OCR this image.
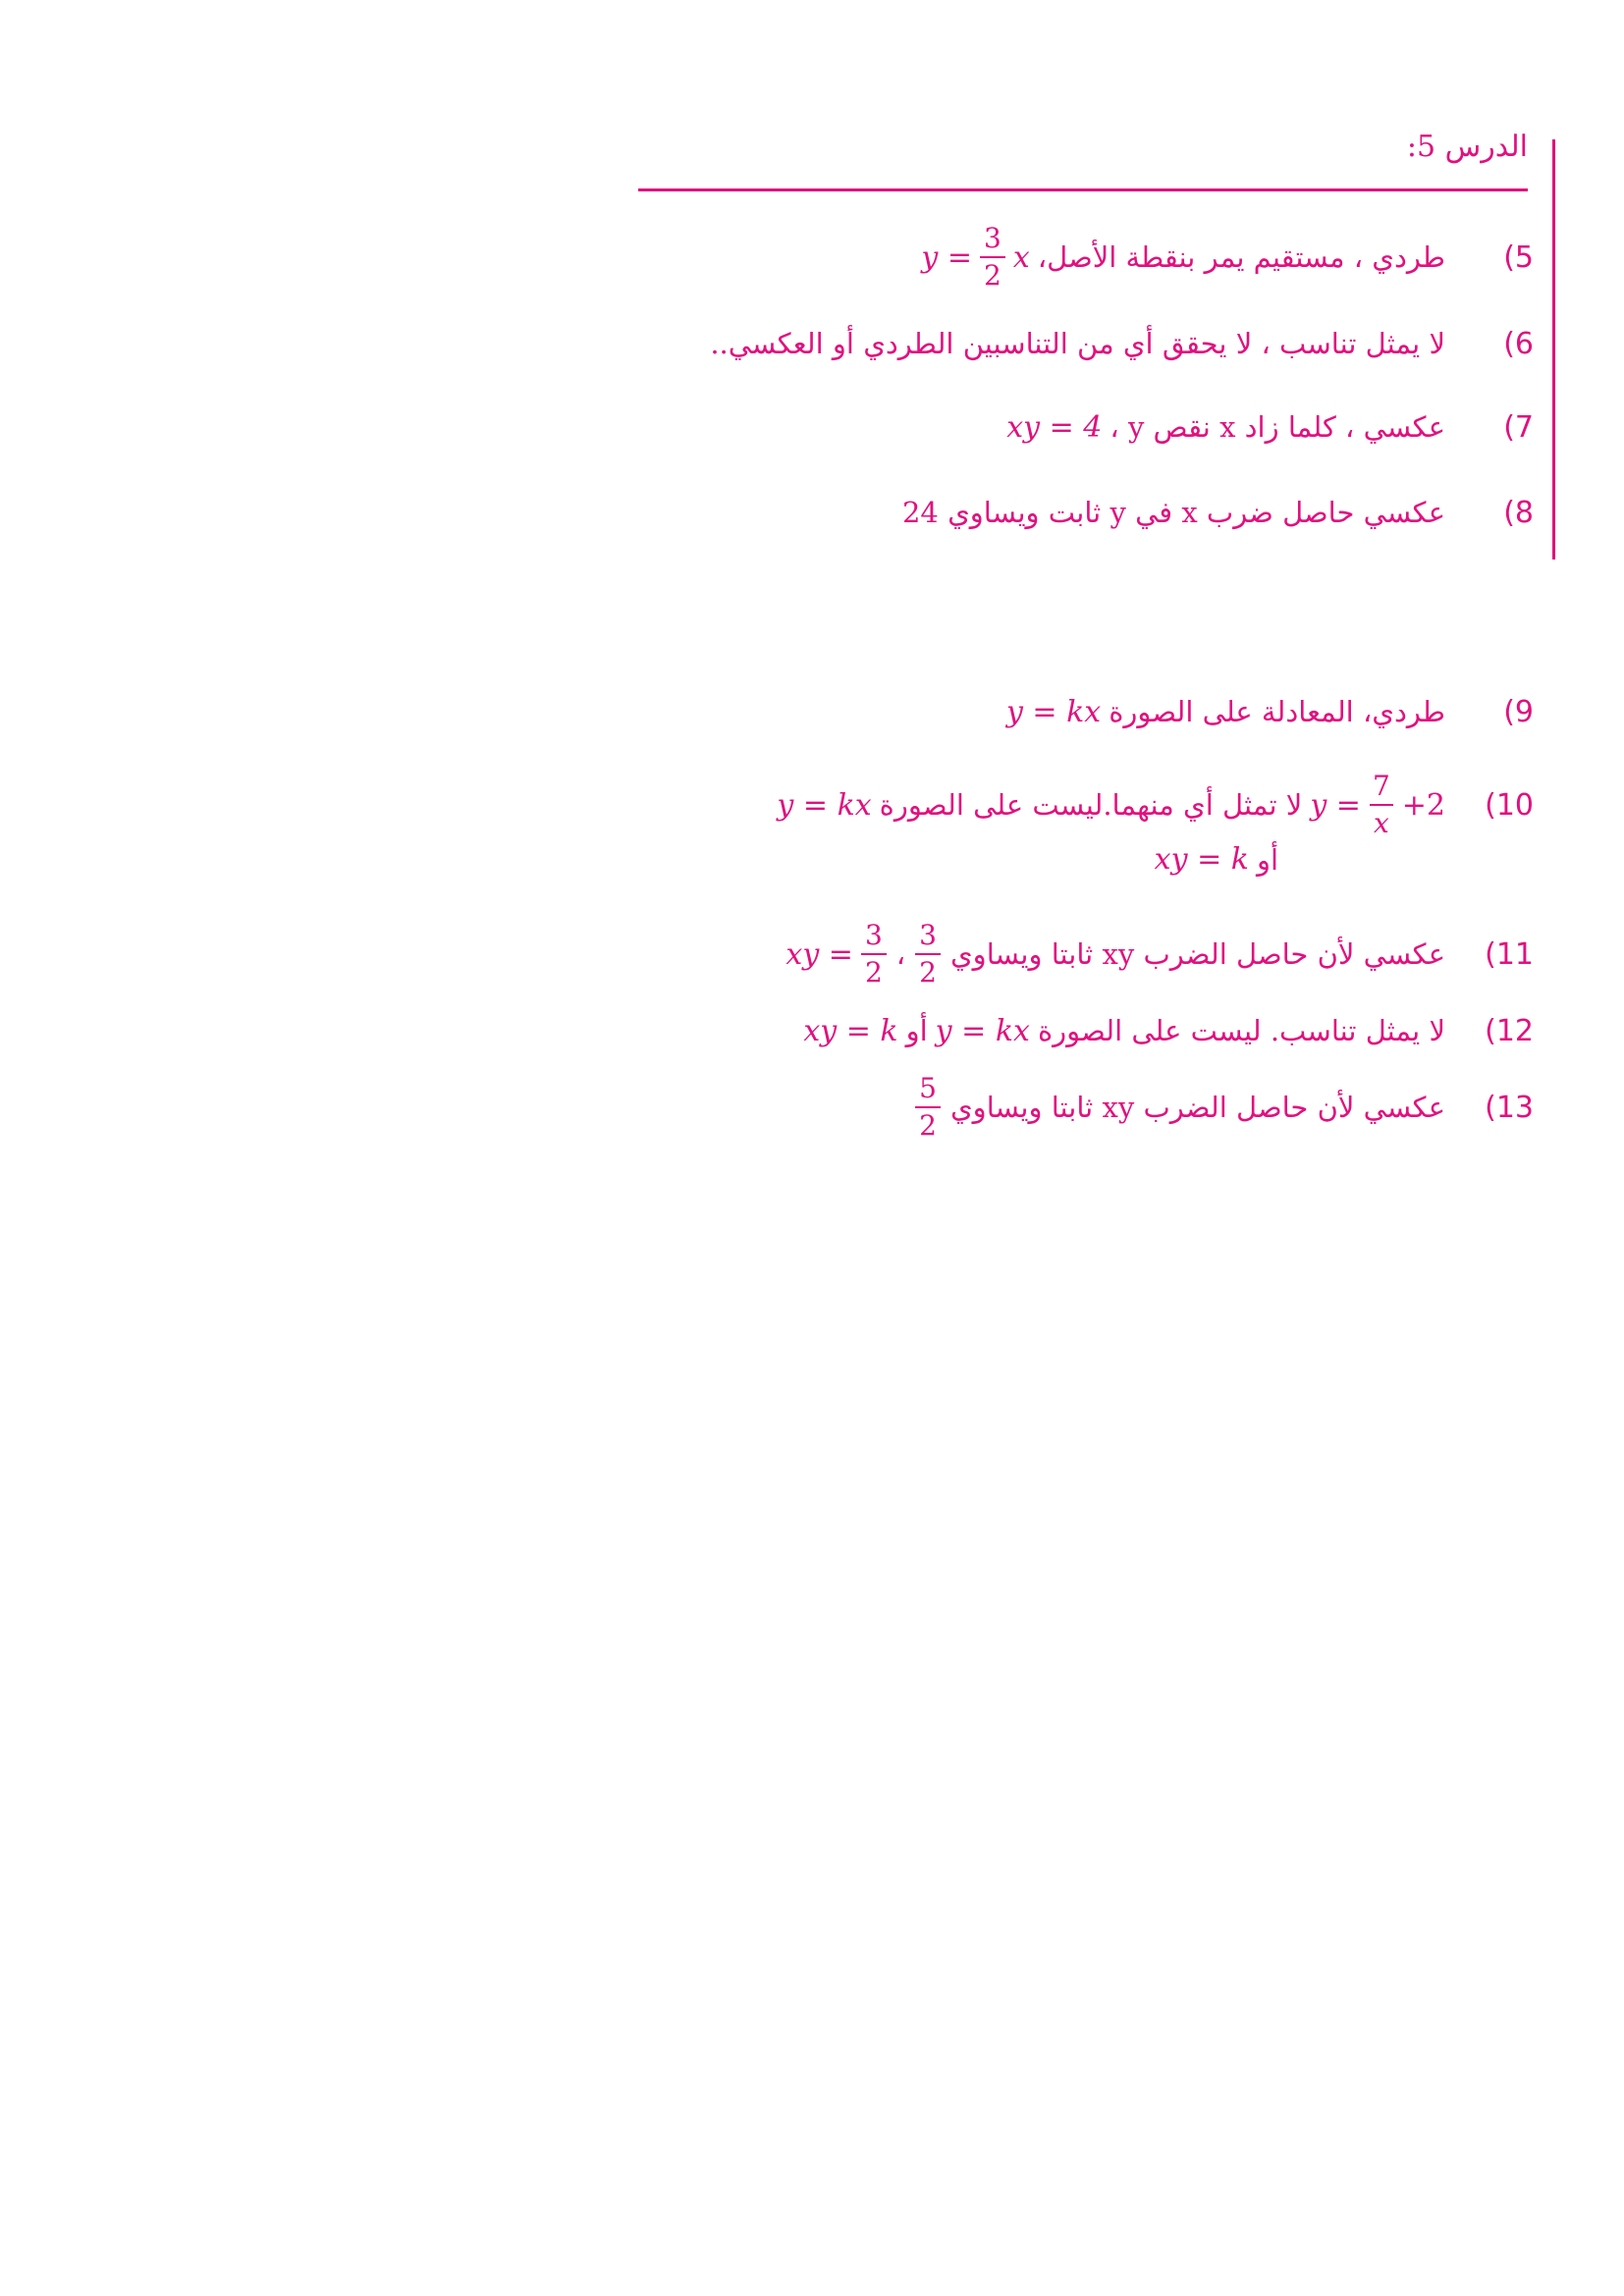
الدرس 5:
5)
طردي ، مستقيم يمر بنقطة الأصل،
$y = \frac{3}{2}$ x
6)
لا يمثل تناسب ، لا يحقق أي من التناسبين الطردي أو العكسي..
7)
عكسي ، كلما زاد x نقص y ،
xy = 4
8)
عكسي حاصل ضرب x في y ثابت ويساوي 24
9)
طردي، المعادلة على الصورة
y = kx
10)
$y = \frac{7}{x} +2$
لا تمثل أي منهما.ليست على الصورة
y = kx
أو
xy = k
11)
عكسي لأن حاصل الضرب xy ثابتا ويساوي
$\frac{3}{2}$
،
xy = $\frac{3}{2}$
12)
لا يمثل تناسب. ليست على الصورة
y = kx
أو
xy = k
13)
عكسي لأن حاصل الضرب xy ثابتا ويساوي
$\frac{5}{2}$
